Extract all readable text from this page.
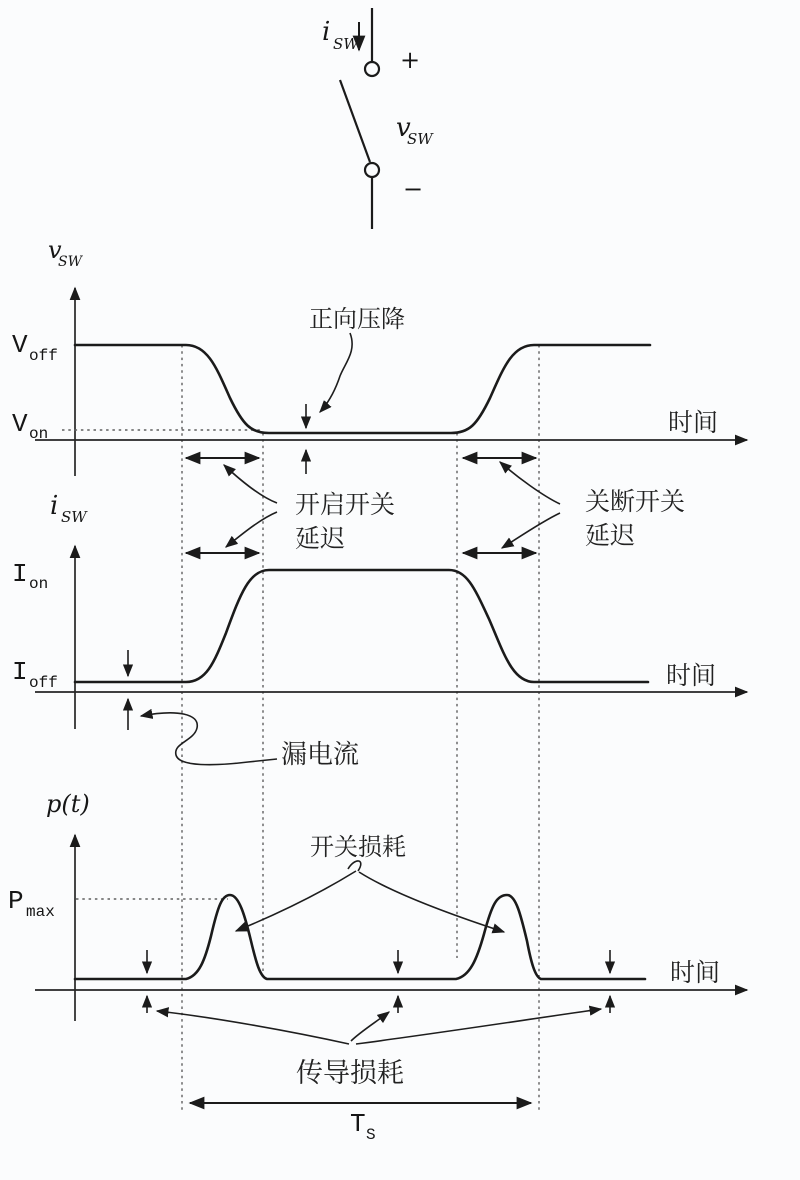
i SW
+
v
SW
−
v
SW
V off
V on	时间
正向压降
开启开关
延迟
关断开关
延迟
i SW
I on
I off	时间
漏电流
p(t)
P max
时间
开关损耗
传导损耗
T S
